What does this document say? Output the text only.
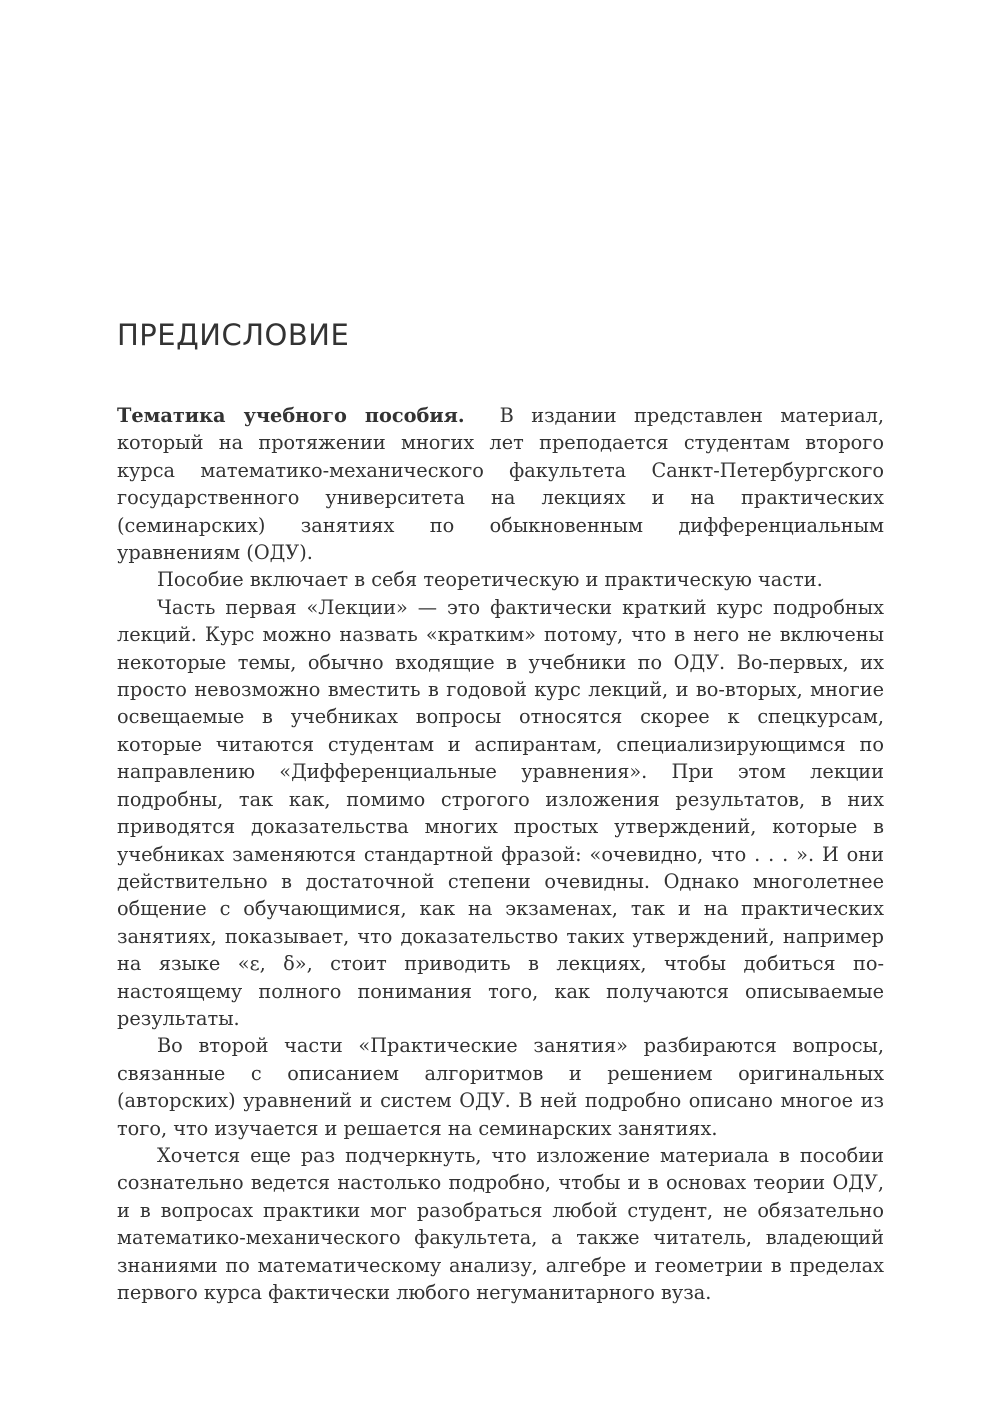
ПРЕДИСЛОВИЕ

Тематика учебного пособия. В издании представлен материал, который на протяжении многих лет преподается студентам второго курса математико-механического факультета Санкт-Петербургского государственного университета на лекциях и на практических (семинарских) занятиях по обыкновенным дифференциальным уравнениям (ОДУ).

Пособие включает в себя теоретическую и практическую части.

Часть первая «Лекции» — это фактически краткий курс подробных лекций. Курс можно назвать «кратким» потому, что в него не включены некоторые темы, обычно входящие в учебники по ОДУ. Во-первых, их просто невозможно вместить в годовой курс лекций, и во-вторых, многие освещаемые в учебниках вопросы относятся скорее к спецкурсам, которые читаются студентам и аспирантам, специализирующимся по направлению «Дифференциальные уравнения». При этом лекции подробны, так как, помимо строгого изложения результатов, в них приводятся доказательства многих простых утверждений, которые в учебниках заменяются стандартной фразой: «очевидно, что . . . ». И они действительно в достаточной степени очевидны. Однако многолетнее общение с обучающимися, как на экзаменах, так и на практических занятиях, показывает, что доказательство таких утверждений, например на языке «ε, δ», стоит приводить в лекциях, чтобы добиться по-настоящему полного понимания того, как получаются описываемые результаты.

Во второй части «Практические занятия» разбираются вопросы, связанные с описанием алгоритмов и решением оригинальных (авторских) уравнений и систем ОДУ. В ней подробно описано многое из того, что изучается и решается на семинарских занятиях.

Хочется еще раз подчеркнуть, что изложение материала в пособии сознательно ведется настолько подробно, чтобы и в основах теории ОДУ, и в вопросах практики мог разобраться любой студент, не обязательно математико-механического факультета, а также читатель, владеющий знаниями по математическому анализу, алгебре и геометрии в пределах первого курса фактически любого негуманитарного вуза.
